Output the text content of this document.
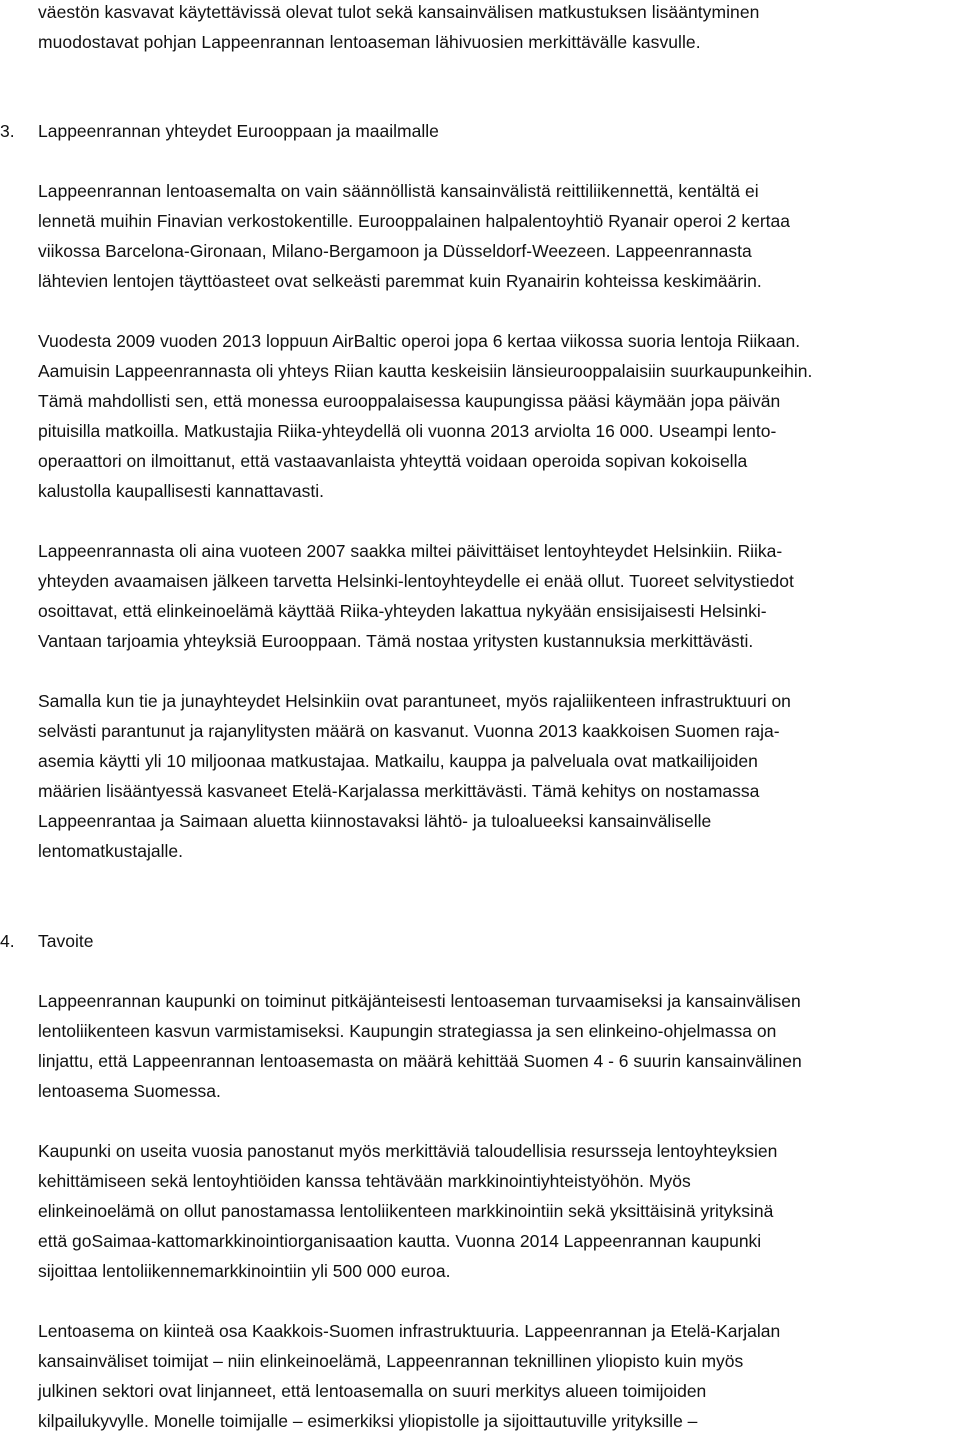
väestön kasvavat käytettävissä olevat tulot sekä kansainvälisen matkustuksen lisääntyminen
muodostavat pohjan Lappeenrannan lentoaseman lähivuosien merkittävälle kasvulle.
3. Lappeenrannan yhteydet Eurooppaan ja maailmalle
Lappeenrannan lentoasemalta on vain säännöllistä kansainvälistä reittiliikennettä, kentältä ei
lennetä muihin Finavian verkostokentille. Eurooppalainen halpalentoyhtiö Ryanair operoi 2 kertaa
viikossa Barcelona-Gironaan, Milano-Bergamoon ja Düsseldorf-Weezeen. Lappeenrannasta
lähtevien lentojen täyttöasteet ovat selkeästi paremmat kuin Ryanairin kohteissa keskimäärin.
Vuodesta 2009 vuoden 2013 loppuun AirBaltic operoi jopa 6 kertaa viikossa suoria lentoja Riikaan.
Aamuisin Lappeenrannasta oli yhteys Riian kautta keskeisiin länsieurooppalaisiin suurkaupunkeihin.
Tämä mahdollisti sen, että monessa eurooppalaisessa kaupungissa pääsi käymään jopa päivän
pituisilla matkoilla. Matkustajia Riika-yhteydellä oli vuonna 2013 arviolta 16 000. Useampi lento-
operaattori on ilmoittanut, että vastaavanlaista yhteyttä voidaan operoida sopivan kokoisella
kalustolla kaupallisesti kannattavasti.
Lappeenrannasta oli aina vuoteen 2007 saakka miltei päivittäiset lentoyhteydet Helsinkiin. Riika-
yhteyden avaamaisen jälkeen tarvetta Helsinki-lentoyhteydelle ei enää ollut. Tuoreet selvitystiedot
osoittavat, että elinkeinoelämä käyttää Riika-yhteyden lakattua nykyään ensisijaisesti Helsinki-
Vantaan tarjoamia yhteyksiä Eurooppaan. Tämä nostaa yritysten kustannuksia merkittävästi.
Samalla kun tie ja junayhteydet Helsinkiin ovat parantuneet, myös rajaliikenteen infrastruktuuri on
selvästi parantunut ja rajanylitysten määrä on kasvanut. Vuonna 2013 kaakkoisen Suomen raja-
asemia käytti yli 10 miljoonaa matkustajaa. Matkailu, kauppa ja palveluala ovat matkailijoiden
määrien lisääntyessä kasvaneet Etelä-Karjalassa merkittävästi. Tämä kehitys on nostamassa
Lappeenrantaa ja Saimaan aluetta kiinnostavaksi lähtö- ja tuloalueeksi kansainväliselle
lentomatkustajalle.
4. Tavoite
Lappeenrannan kaupunki on toiminut pitkäjänteisesti lentoaseman turvaamiseksi ja kansainvälisen
lentoliikenteen kasvun varmistamiseksi. Kaupungin strategiassa ja sen elinkeino-ohjelmassa on
linjattu, että Lappeenrannan lentoasemasta on määrä kehittää Suomen 4 - 6 suurin kansainvälinen
lentoasema Suomessa.
Kaupunki on useita vuosia panostanut myös merkittäviä taloudellisia resursseja lentoyhteyksien
kehittämiseen sekä lentoyhtiöiden kanssa tehtävään markkinointiyhteistyöhön. Myös
elinkeinoelämä on ollut panostamassa lentoliikenteen markkinointiin sekä yksittäisinä yrityksinä
että goSaimaa-kattomarkkinointiorganisaation kautta. Vuonna 2014 Lappeenrannan kaupunki
sijoittaa lentoliikennemarkkinointiin yli 500 000 euroa.
Lentoasema on kiinteä osa Kaakkois-Suomen infrastruktuuria. Lappeenrannan ja Etelä-Karjalan
kansainväliset toimijat – niin elinkeinoelämä, Lappeenrannan teknillinen yliopisto kuin myös
julkinen sektori ovat linjanneet, että lentoasemalla on suuri merkitys alueen toimijoiden
kilpailukyvylle. Monelle toimijalle – esimerkiksi yliopistolle ja sijoittautuville yrityksille –
